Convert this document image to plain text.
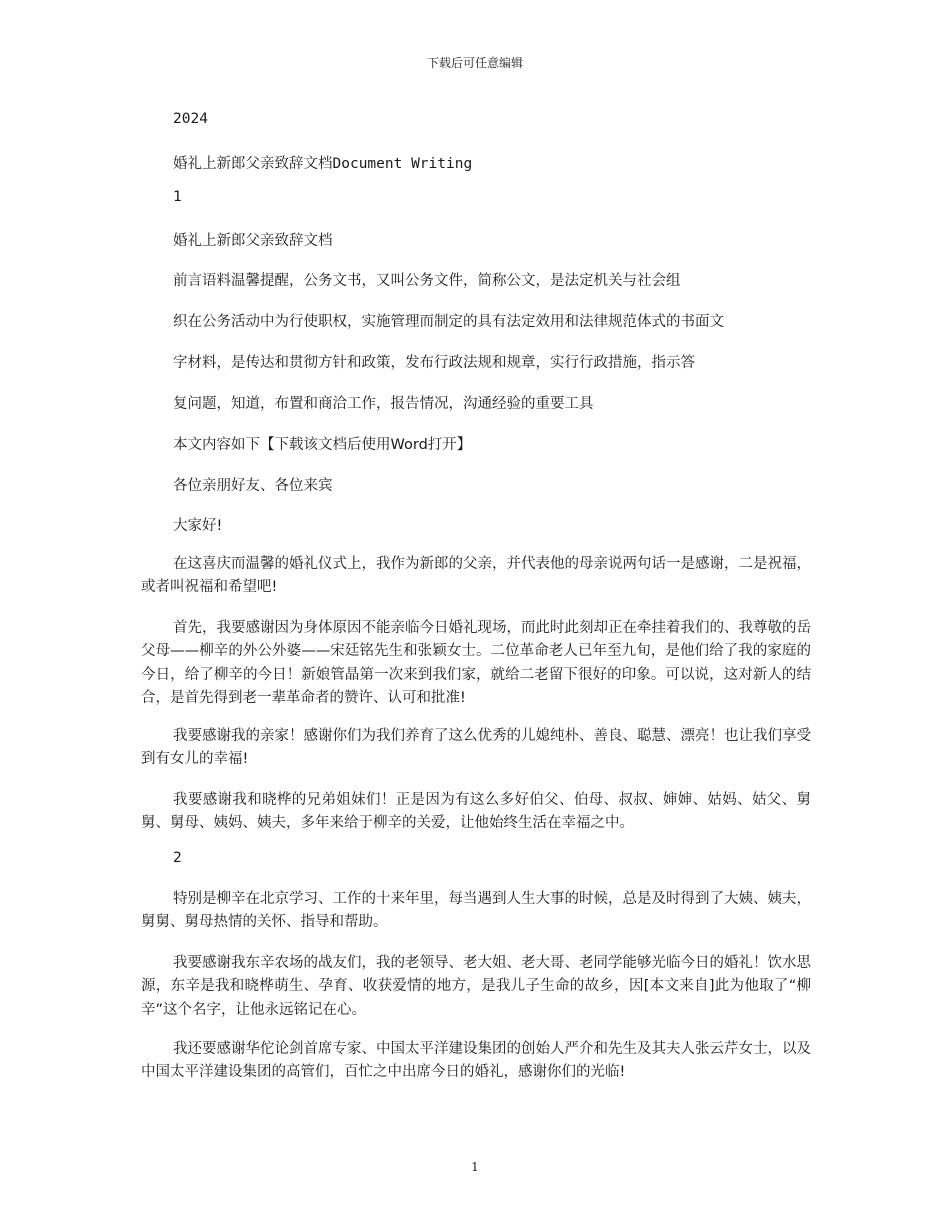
下载后可任意编辑
2024
婚礼上新郎父亲致辞文档Document Writing
1
婚礼上新郎父亲致辞文档
前言语料温馨提醒，公务文书，又叫公务文件，简称公文，是法定机关与社会组
织在公务活动中为行使职权，实施管理而制定的具有法定效用和法律规范体式的书面文
字材料，是传达和贯彻方针和政策，发布行政法规和规章，实行行政措施，指示答
复问题，知道，布置和商洽工作，报告情况，沟通经验的重要工具
本文内容如下【下载该文档后使用Word打开】
各位亲朋好友、各位来宾
大家好!
在这喜庆而温馨的婚礼仪式上，我作为新郎的父亲，并代表他的母亲说两句话一是感谢，二是祝福，或者叫祝福和希望吧!
首先，我要感谢因为身体原因不能亲临今日婚礼现场，而此时此刻却正在牵挂着我们的、我尊敬的岳父母——柳辛的外公外婆——宋廷铭先生和张颖女士。二位革命老人已年至九旬，是他们给了我的家庭的今日，给了柳辛的今日！新娘管晶第一次来到我们家，就给二老留下很好的印象。可以说，这对新人的结合，是首先得到老一辈革命者的赞许、认可和批准!
我要感谢我的亲家！感谢你们为我们养育了这么优秀的儿媳纯朴、善良、聪慧、漂亮！也让我们享受到有女儿的幸福!
我要感谢我和晓桦的兄弟姐妹们！正是因为有这么多好伯父、伯母、叔叔、婶婶、姑妈、姑父、舅舅、舅母、姨妈、姨夫，多年来给于柳辛的关爱，让他始终生活在幸福之中。
2
特别是柳辛在北京学习、工作的十来年里，每当遇到人生大事的时候，总是及时得到了大姨、姨夫，舅舅、舅母热情的关怀、指导和帮助。
我要感谢我东辛农场的战友们，我的老领导、老大姐、老大哥、老同学能够光临今日的婚礼！饮水思源，东辛是我和晓桦萌生、孕育、收获爱情的地方，是我儿子生命的故乡，因[本文来自]此为他取了“柳辛”这个名字，让他永远铭记在心。
我还要感谢华佗论剑首席专家、中国太平洋建设集团的创始人严介和先生及其夫人张云芹女士，以及中国太平洋建设集团的高管们，百忙之中出席今日的婚礼，感谢你们的光临!
1
